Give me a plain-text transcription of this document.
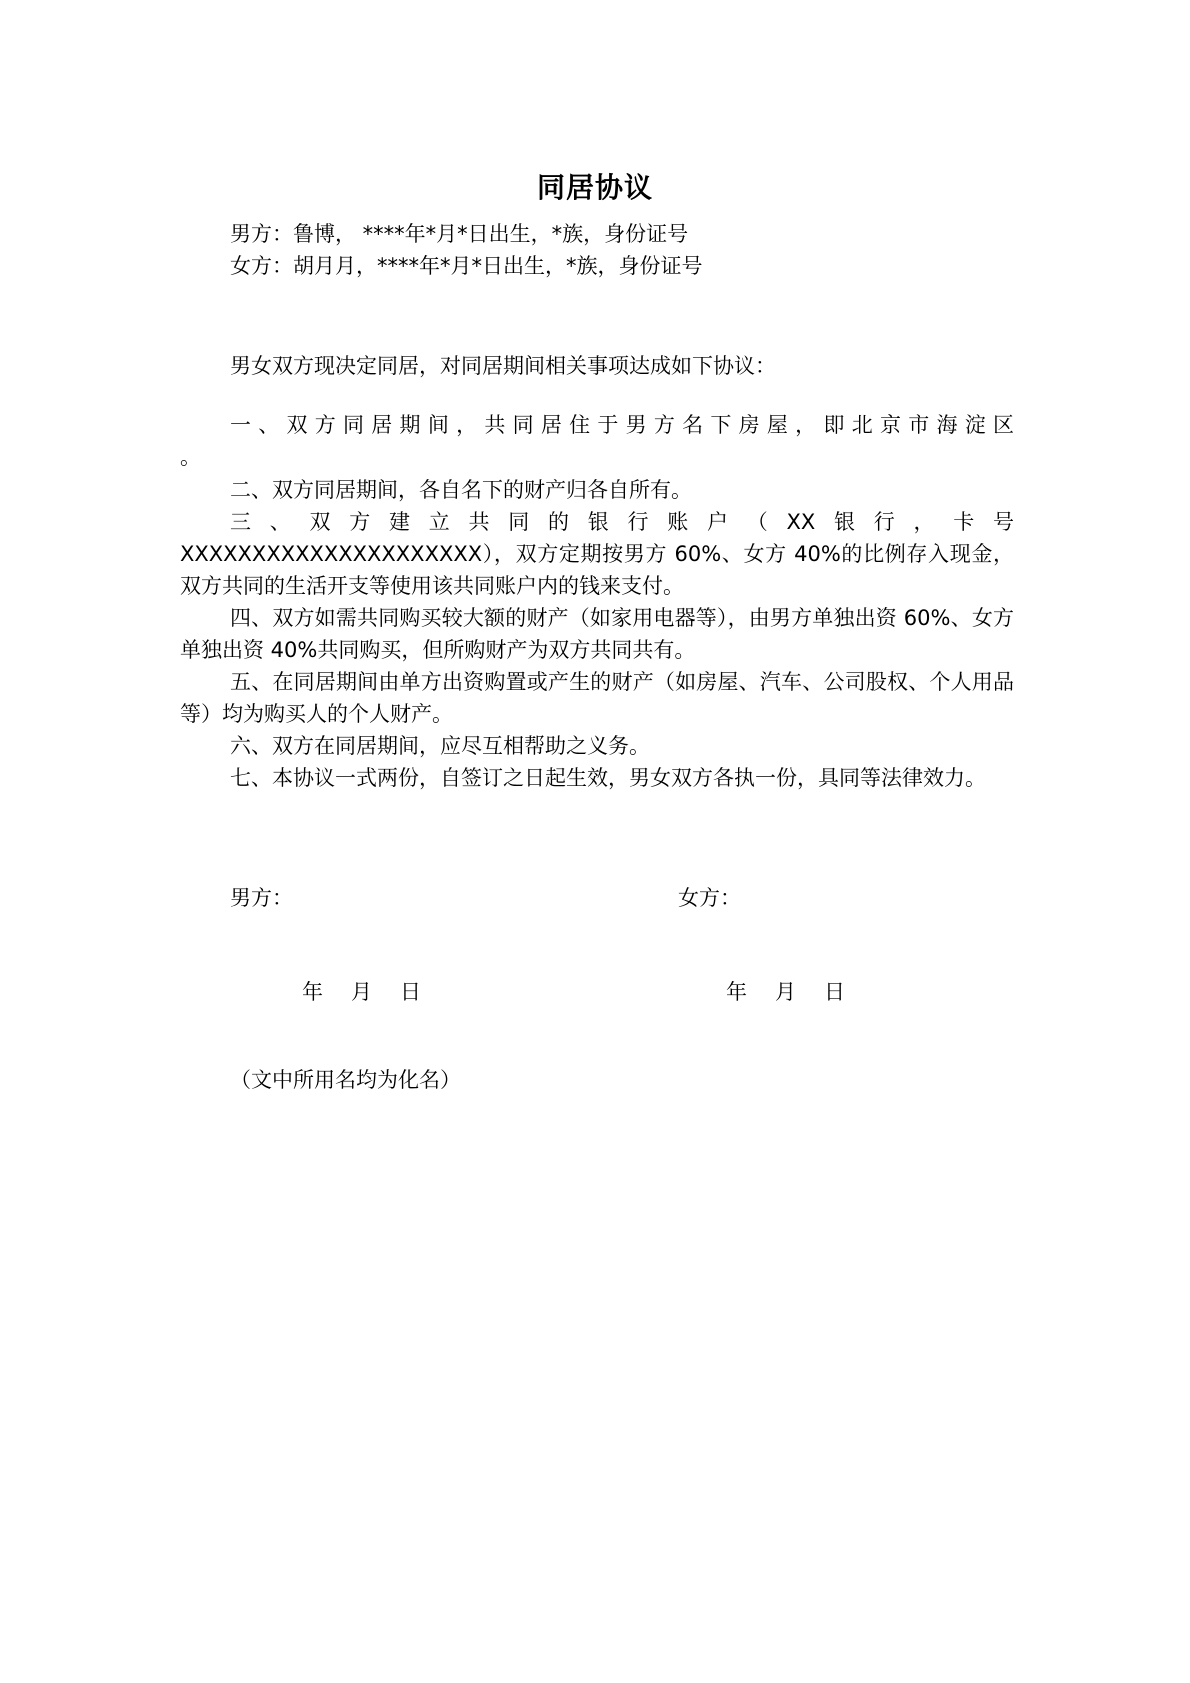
同居协议
男方：鲁博， ****年*月*日出生，*族，身份证号
女方：胡月月，****年*月*日出生，*族，身份证号
男女双方现决定同居，对同居期间相关事项达成如下协议：
一、双方同居期间，共同居住于男方名下房屋，即北京市海淀区
。
二、双方同居期间，各自名下的财产归各自所有。
三、双方建立共同的银行账户（XX银行，卡号
XXXXXXXXXXXXXXXXXXXXX），双方定期按男方 60%、女方 40%的比例存入现金，双方共同的生活开支等使用该共同账户内的钱来支付。
四、双方如需共同购买较大额的财产（如家用电器等），由男方单独出资 60%、女方单独出资 40%共同购买，但所购财产为双方共同共有。
五、在同居期间由单方出资购置或产生的财产（如房屋、汽车、公司股权、个人用品等）均为购买人的个人财产。
六、双方在同居期间，应尽互相帮助之义务。
七、本协议一式两份，自签订之日起生效，男女双方各执一份，具同等法律效力。
男方：	女方：
年 月 日	年 月 日
（文中所用名均为化名）
